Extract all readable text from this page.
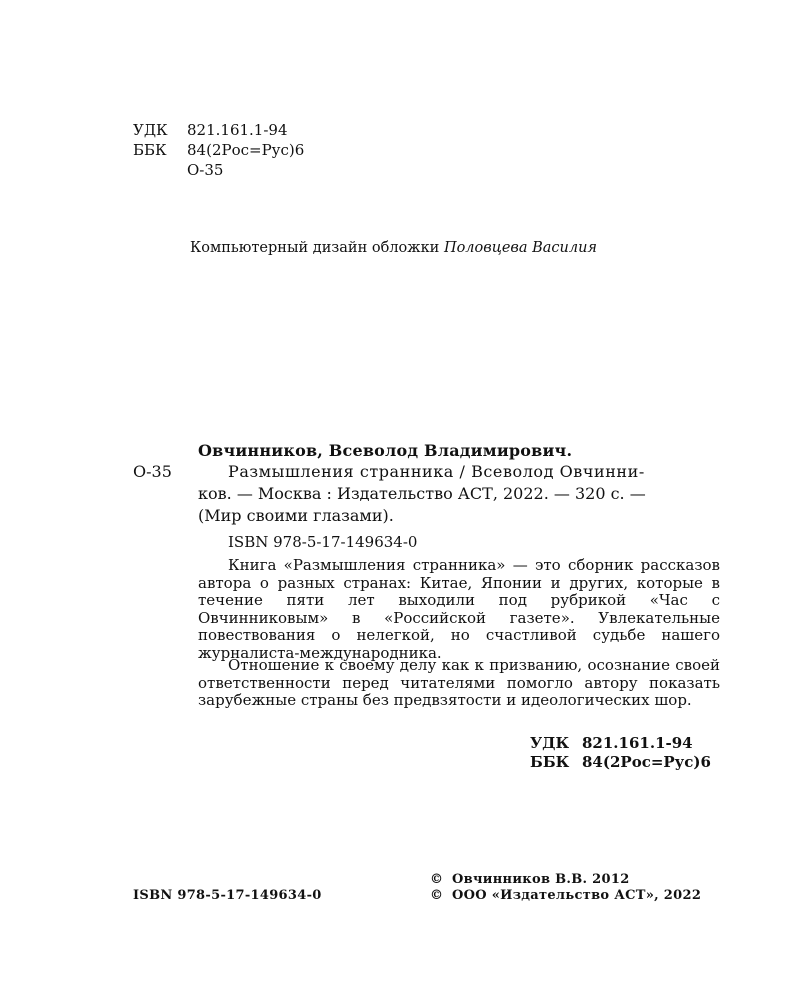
УДК 821.161.1-94
ББК 84(2Рос=Рус)6
О-35
Компьютерный дизайн обложки Половцева Василия
Овчинников, Всеволод Владимирович.
О-35	Размышления странника / Всеволод Овчинни-
ков. — Москва : Издательство АСТ, 2022. — 320 с. —
(Мир своими глазами).
ISBN 978-5-17-149634-0
Книга «Размышления странника» — это сборник рассказов автора о разных странах: Китае, Японии и других, которые в течение пяти лет выходили под рубрикой «Час с Овчинниковым» в «Российской газете». Увлекательные повествования о нелегкой, но счастливой судьбе нашего журналиста-международника.
Отношение к своему делу как к призванию, осознание своей ответственности перед читателями помогло автору показать зарубежные страны без предвзятости и идеологических шор.
УДК 821.161.1-94
ББК 84(2Рос=Рус)6
ISBN 978-5-17-149634-0
© Овчинников В.В. 2012
© ООО «Издательство АСТ», 2022
